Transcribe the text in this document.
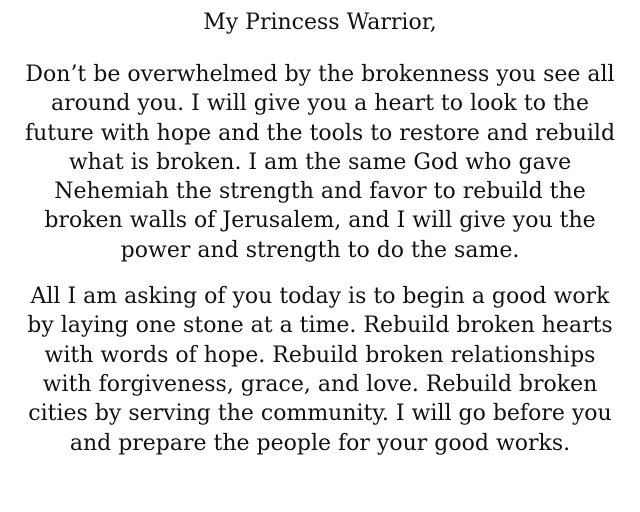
My Princess Warrior,
Don’t be overwhelmed by the brokenness you see all
around you. I will give you a heart to look to the
future with hope and the tools to restore and rebuild
what is broken. I am the same God who gave
Nehemiah the strength and favor to rebuild the
broken walls of Jerusalem, and I will give you the
power and strength to do the same.
All I am asking of you today is to begin a good work
by laying one stone at a time. Rebuild broken hearts
with words of hope. Rebuild broken relationships
with forgiveness, grace, and love. Rebuild broken
cities by serving the community. I will go before you
and prepare the people for your good works.
